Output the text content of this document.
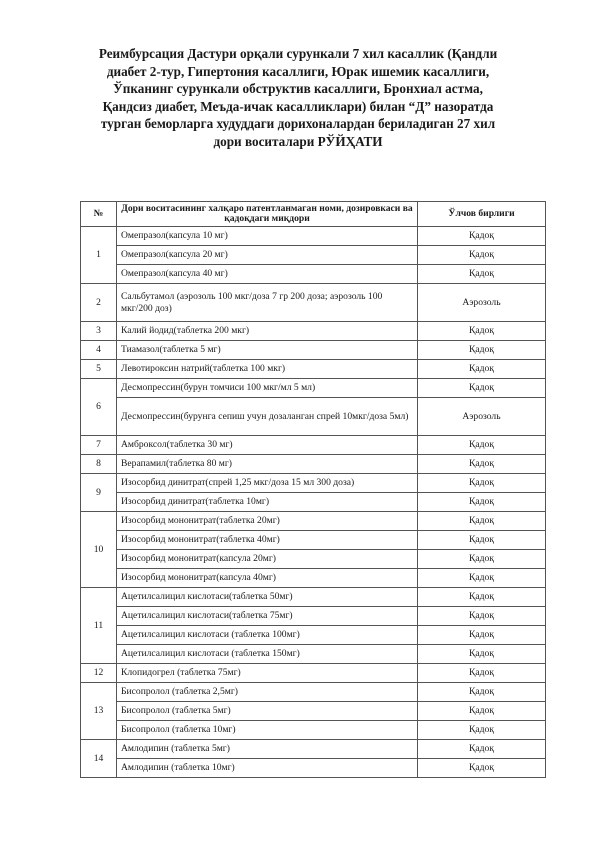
Реимбурсация Дастури орқали сурункали 7 хил касаллик (Қандли диабет 2-тур, Гипертония касаллиги, Юрак ишемик касаллиги, Ўпканинг сурункали обструктив касаллиги, Бронхиал астма, Қандсиз диабет, Меъда-ичак касалликлари) билан “Д” назоратда турган беморларга худуддаги дорихоналардан бериладиган 27 хил дори воситалари РЎЙҲАТИ
№	Дори воситасининг халқаро патентланмаган номи, дозировкаси ва қадоқдаги миқдори	Ўлчов бирлиги
1	Омепразол(капсула 10 мг)	Қадоқ
	Омепразол(капсула 20 мг)	Қадоқ
	Омепразол(капсула 40 мг)	Қадоқ
2	Сальбутамол (аэрозоль 100 мкг/доза 7 гр 200 доза; аэрозоль 100 мкг/200 доз)	Аэрозоль
3	Калий йодид(таблетка 200 мкг)	Қадоқ
4	Тиамазол(таблетка 5 мг)	Қадоқ
5	Левотироксин натрий(таблетка 100 мкг)	Қадоқ
6	Десмопрессин(бурун томчиси 100 мкг/мл 5 мл)	Қадоқ
	Десмопрессин(бурунга сепиш учун дозаланган спрей 10мкг/доза 5мл)	Аэрозоль
7	Амброксол(таблетка 30 мг)	Қадоқ
8	Верапамил(таблетка 80 мг)	Қадоқ
9	Изосорбид динитрат(спрей 1,25 мкг/доза 15 мл 300 доза)	Қадоқ
	Изосорбид динитрат(таблетка 10мг)	Қадоқ
10	Изосорбид мононитрат(таблетка 20мг)	Қадоқ
	Изосорбид мононитрат(таблетка 40мг)	Қадоқ
	Изосорбид мононитрат(капсула 20мг)	Қадоқ
	Изосорбид мононитрат(капсула 40мг)	Қадоқ
11	Ацетилсалицил кислотаси(таблетка 50мг)	Қадоқ
	Ацетилсалицил кислотаси(таблетка 75мг)	Қадоқ
	Ацетилсалицил кислотаси (таблетка 100мг)	Қадоқ
	Ацетилсалицил кислотаси (таблетка 150мг)	Қадоқ
12	Клопидогрел (таблетка 75мг)	Қадоқ
13	Бисопролол (таблетка 2,5мг)	Қадоқ
	Бисопролол (таблетка 5мг)	Қадоқ
	Бисопролол (таблетка 10мг)	Қадоқ
14	Амлодипин (таблетка 5мг)	Қадоқ
	Амлодипин (таблетка 10мг)	Қадоқ
